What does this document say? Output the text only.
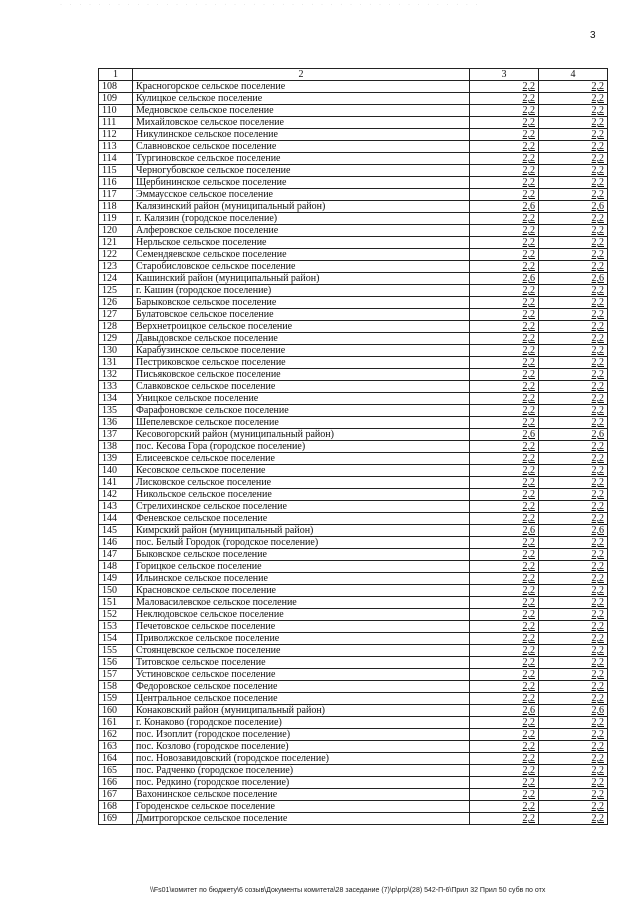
· · · · · · · · · · · · · · · · · · · · · · · · · · · · · · · · · · · · · · · · · · · ·
3
1	2	3	4
108	Красногорское сельское поселение	2,2	2,2
109	Кулицкое сельское поселение	2,2	2,2
110	Медновское сельское поселение	2,2	2,2
111	Михайловское сельское поселение	2,2	2,2
112	Никулинское сельское поселение	2,2	2,2
113	Славновское сельское поселение	2,2	2,2
114	Тургиновское сельское поселение	2,2	2,2
115	Черногубовское сельское поселение	2,2	2,2
116	Щербининское сельское поселение	2,2	2,2
117	Эммаусское сельское поселение	2,2	2,2
118	Калязинский район (муниципальный район)	2,6	2,6
119	г. Калязин (городское поселение)	2,2	2,2
120	Алферовское сельское поселение	2,2	2,2
121	Нерльское сельское поселение	2,2	2,2
122	Семендяевское сельское поселение	2,2	2,2
123	Старобисловское сельское поселение	2,2	2,2
124	Кашинский район (муниципальный район)	2,6	2,6
125	г. Кашин (городское поселение)	2,2	2,2
126	Барыковское сельское поселение	2,2	2,2
127	Булатовское сельское поселение	2,2	2,2
128	Верхнетроицкое сельское поселение	2,2	2,2
129	Давыдовское сельское поселение	2,2	2,2
130	Карабузинское сельское поселение	2,2	2,2
131	Пестриковское сельское поселение	2,2	2,2
132	Письяковское сельское поселение	2,2	2,2
133	Славковское сельское поселение	2,2	2,2
134	Уницкое сельское поселение	2,2	2,2
135	Фарафоновское сельское поселение	2,2	2,2
136	Шепелевское сельское поселение	2,2	2,2
137	Кесовогорский район (муниципальный район)	2,6	2,6
138	пос. Кесова Гора (городское поселение)	2,2	2,2
139	Елисеевское сельское поселение	2,2	2,2
140	Кесовское сельское поселение	2,2	2,2
141	Лисковское сельское поселение	2,2	2,2
142	Никольское сельское поселение	2,2	2,2
143	Стрелихинское сельское поселение	2,2	2,2
144	Феневское сельское поселение	2,2	2,2
145	Кимрский район (муниципальный район)	2,6	2,6
146	пос. Белый Городок (городское поселение)	2,2	2,2
147	Быковское сельское поселение	2,2	2,2
148	Горицкое сельское поселение	2,2	2,2
149	Ильинское сельское поселение	2,2	2,2
150	Красновское сельское поселение	2,2	2,2
151	Маловасилевское сельское поселение	2,2	2,2
152	Неклюдовское сельское поселение	2,2	2,2
153	Печетовское сельское поселение	2,2	2,2
154	Приволжское сельское поселение	2,2	2,2
155	Стоянцевское сельское поселение	2,2	2,2
156	Титовское сельское поселение	2,2	2,2
157	Устиновское сельское поселение	2,2	2,2
158	Федоровское сельское поселение	2,2	2,2
159	Центральное сельское поселение	2,2	2,2
160	Конаковский район (муниципальный район)	2,6	2,6
161	г. Конаково (городское поселение)	2,2	2,2
162	пос. Изоплит (городское поселение)	2,2	2,2
163	пос. Козлово (городское поселение)	2,2	2,2
164	пос. Новозавидовский (городское поселение)	2,2	2,2
165	пос. Радченко (городское поселение)	2,2	2,2
166	пос. Редкино (городское поселение)	2,2	2,2
167	Вахонинское сельское поселение	2,2	2,2
168	Городенское сельское поселение	2,2	2,2
169	Дмитрогорское сельское поселение	2,2	2,2
\\Fs01\комитет по бюджету\6 созыв\Документы комитета\28 заседание (7)\p\prp\(28) 542-П-6\Прил 32 Прил 50 субв по отх
